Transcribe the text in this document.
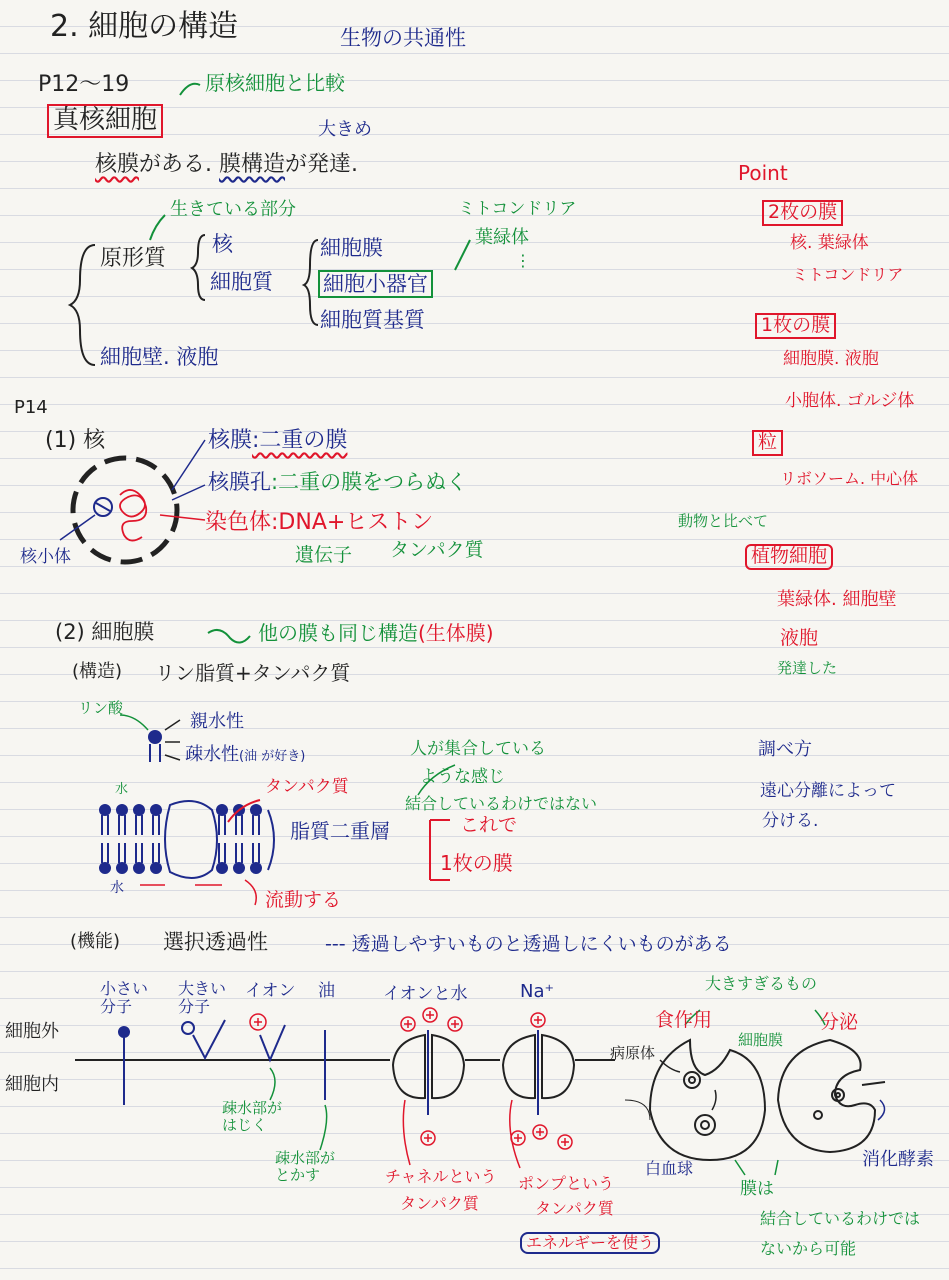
2. 細胞の構造	生物の共通性
P12〜19	原核細胞と比較
真核細胞	大きめ
核膜がある. 膜構造が発達.
生きている部分
原形質
核
細胞質
細胞膜
細胞小器官
細胞質基質
ミトコンドリア
葉緑体
⋮
細胞壁. 液胞
Point
2枚の膜
核. 葉緑体
ミトコンドリア
1枚の膜
細胞膜. 液胞
小胞体. ゴルジ体
粒
リボソーム. 中心体
動物と比べて
植物細胞
葉緑体. 細胞壁
液胞
発達した
調べ方
遠心分離によって
分ける.
P14
(1) 核	核膜:二重の膜
核膜孔:二重の膜をつらぬく
染色体:DNA+ヒストン
遺伝子 タンパク質
核小体
(2) 細胞膜	他の膜も同じ構造(生体膜)
(構造) リン脂質+タンパク質
リン酸
親水性
疎水性(油 が好き)
水
水
タンパク質
脂質二重層	これで
1枚の膜
人が集合している
ような感じ
結合しているわけではない
流動する
(機能) 選択透過性	--- 透過しやすいものと透過しにくいものがある
小さい分子
大きい分子
イオン 油	イオンと水	Na⁺
細胞外
細胞内
疎水部がはじく
疎水部がとかす	チャネルという
タンパク質
ポンプという
タンパク質
エネルギーを使う
大きすぎるもの
食作用	分泌
病原体
細胞膜
白血球	消化酵素
膜は
結合しているわけでは
ないから可能
